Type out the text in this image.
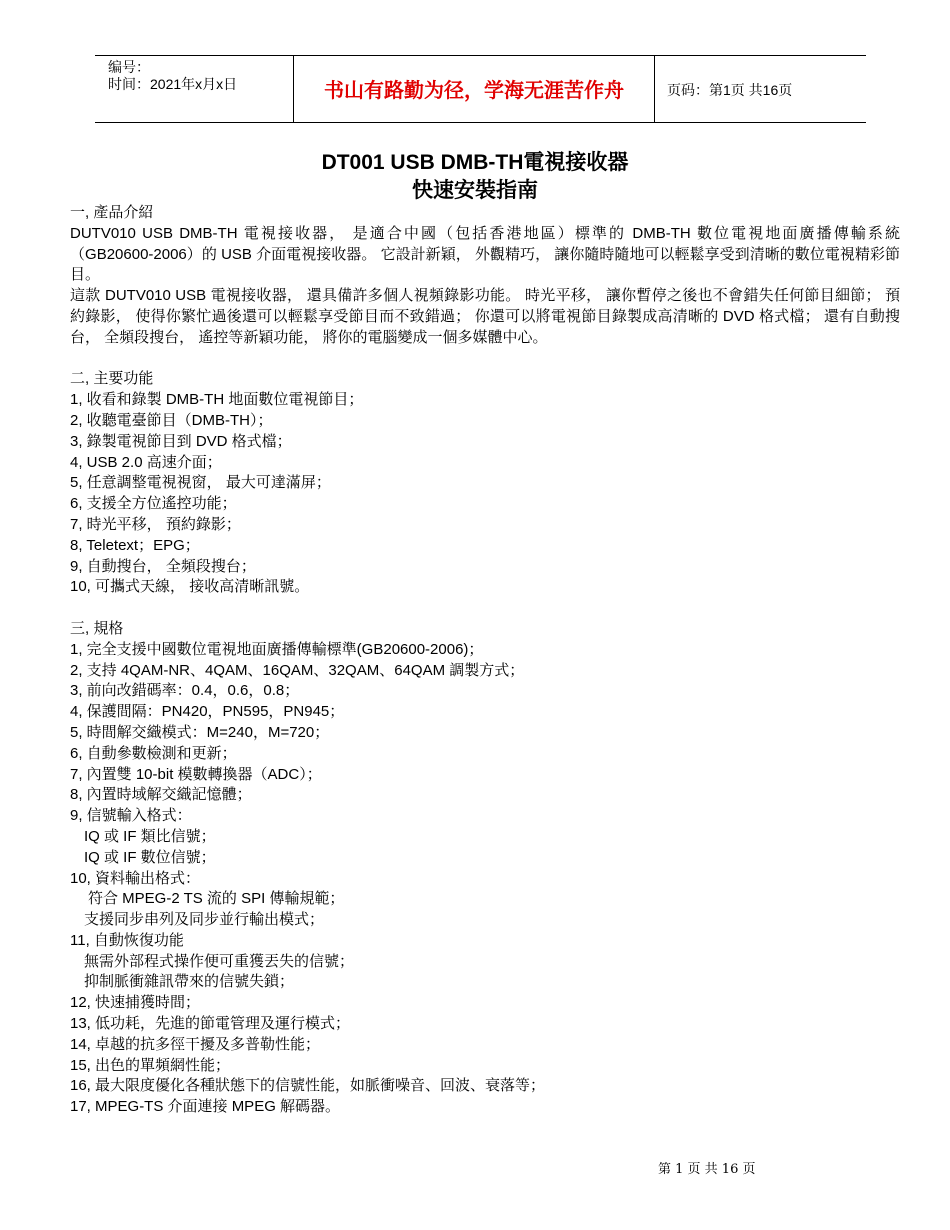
编号：
时间：2021年x月x日	书山有路勤为径，学海无涯苦作舟	页码：第1页 共16页
DT001 USB DMB-TH電視接收器
快速安裝指南

一, 產品介紹

DUTV010 USB DMB-TH 電視接收器， 是適合中國（包括香港地區）標準的 DMB-TH 數位電視地面廣播傳輸系統（GB20600-2006）的 USB 介面電視接收器。 它設計新穎， 外觀精巧， 讓你隨時隨地可以輕鬆享受到清晰的數位電視精彩節目。

這款 DUTV010 USB 電視接收器， 還具備許多個人視頻錄影功能。 時光平移， 讓你暫停之後也不會錯失任何節目細節； 預約錄影， 使得你繁忙過後還可以輕鬆享受節目而不致錯過； 你還可以將電視節目錄製成高清晰的 DVD 格式檔； 還有自動搜台， 全頻段搜台， 遙控等新穎功能， 將你的電腦變成一個多媒體中心。

二, 主要功能

1, 收看和錄製 DMB-TH 地面數位電視節目；

2, 收聽電臺節目（DMB-TH）；

3, 錄製電視節目到 DVD 格式檔；

4, USB 2.0 高速介面；

5, 任意調整電視視窗， 最大可達滿屏；

6, 支援全方位遙控功能；

7, 時光平移， 預約錄影；

8, Teletext；EPG；

9, 自動搜台， 全頻段搜台；

10, 可攜式天線， 接收高清晰訊號。

三, 規格

1, 完全支援中國數位電視地面廣播傳輸標準(GB20600-2006)；

2, 支持 4QAM-NR、4QAM、16QAM、32QAM、64QAM 調製方式；

3, 前向改錯碼率：0.4，0.6，0.8；

4, 保護間隔：PN420，PN595，PN945；

5, 時間解交織模式：M=240，M=720；

6, 自動參數檢測和更新；

7, 內置雙 10-bit 模數轉換器（ADC）；

8, 內置時域解交織記憶體；

9, 信號輸入格式：

IQ 或 IF 類比信號；

IQ 或 IF 數位信號；

10, 資料輸出格式：

符合 MPEG-2 TS 流的 SPI 傳輸規範；

支援同步串列及同步並行輸出模式；

11, 自動恢復功能

無需外部程式操作便可重獲丟失的信號；

抑制脈衝雜訊帶來的信號失鎖；

12, 快速捕獲時間；

13, 低功耗，先進的節電管理及運行模式；

14, 卓越的抗多徑干擾及多普勒性能；

15, 出色的單頻網性能；

16, 最大限度優化各種狀態下的信號性能，如脈衝噪音、回波、衰落等；

17, MPEG-TS 介面連接 MPEG 解碼器。

第 1 页 共 16 页
